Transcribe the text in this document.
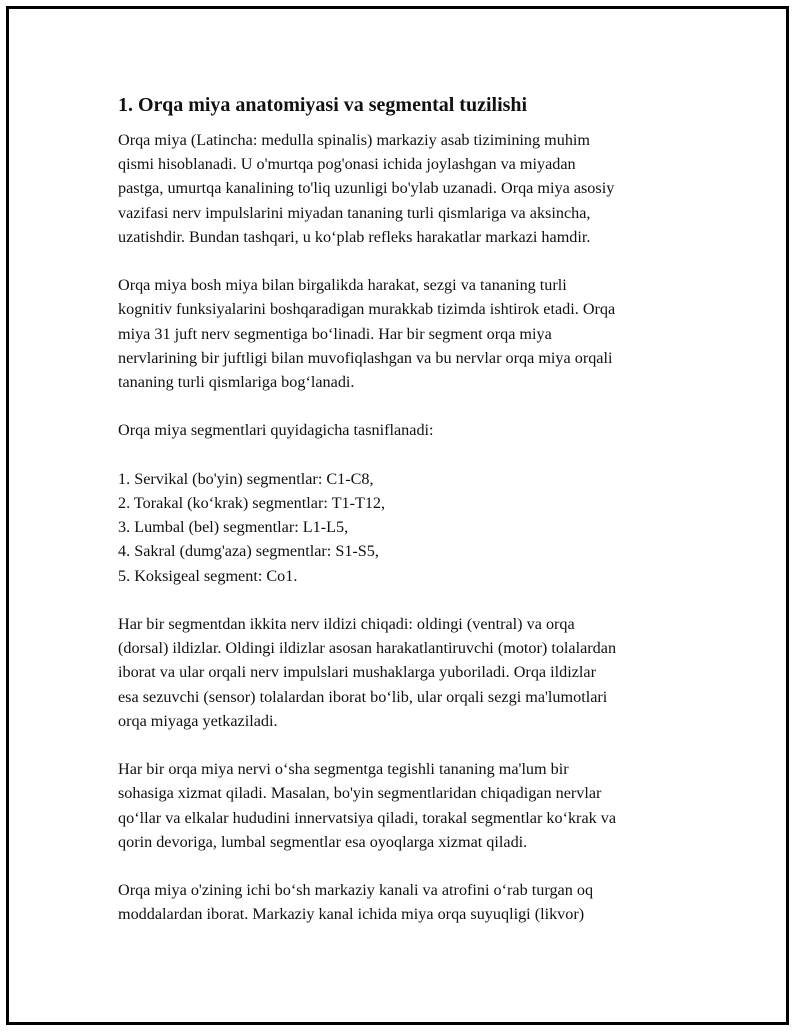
1. Orqa miya anatomiyasi va segmental tuzilishi
Orqa miya (Latincha: medulla spinalis) markaziy asab tizimining muhim
qismi hisoblanadi. U o'murtqa pog'onasi ichida joylashgan va miyadan
pastga, umurtqa kanalining to'liq uzunligi bo'ylab uzanadi. Orqa miya asosiy
vazifasi nerv impulslarini miyadan tananing turli qismlariga va aksincha,
uzatishdir. Bundan tashqari, u ko‘plab refleks harakatlar markazi hamdir.
Orqa miya bosh miya bilan birgalikda harakat, sezgi va tananing turli
kognitiv funksiyalarini boshqaradigan murakkab tizimda ishtirok etadi. Orqa
miya 31 juft nerv segmentiga bo‘linadi. Har bir segment orqa miya
nervlarining bir juftligi bilan muvofiqlashgan va bu nervlar orqa miya orqali
tananing turli qismlariga bog‘lanadi.
Orqa miya segmentlari quyidagicha tasniflanadi:
1. Servikal (bo'yin) segmentlar: C1-C8,
2. Torakal (ko‘krak) segmentlar: T1-T12,
3. Lumbal (bel) segmentlar: L1-L5,
4. Sakral (dumg'aza) segmentlar: S1-S5,
5. Koksigeal segment: Co1.
Har bir segmentdan ikkita nerv ildizi chiqadi: oldingi (ventral) va orqa
(dorsal) ildizlar. Oldingi ildizlar asosan harakatlantiruvchi (motor) tolalardan
iborat va ular orqali nerv impulslari mushaklarga yuboriladi. Orqa ildizlar
esa sezuvchi (sensor) tolalardan iborat bo‘lib, ular orqali sezgi ma'lumotlari
orqa miyaga yetkaziladi.
Har bir orqa miya nervi o‘sha segmentga tegishli tananing ma'lum bir
sohasiga xizmat qiladi. Masalan, bo'yin segmentlaridan chiqadigan nervlar
qo‘llar va elkalar hududini innervatsiya qiladi, torakal segmentlar ko‘krak va
qorin devoriga, lumbal segmentlar esa oyoqlarga xizmat qiladi.
Orqa miya o'zining ichi bo‘sh markaziy kanali va atrofini o‘rab turgan oq
moddalardan iborat. Markaziy kanal ichida miya orqa suyuqligi (likvor)
